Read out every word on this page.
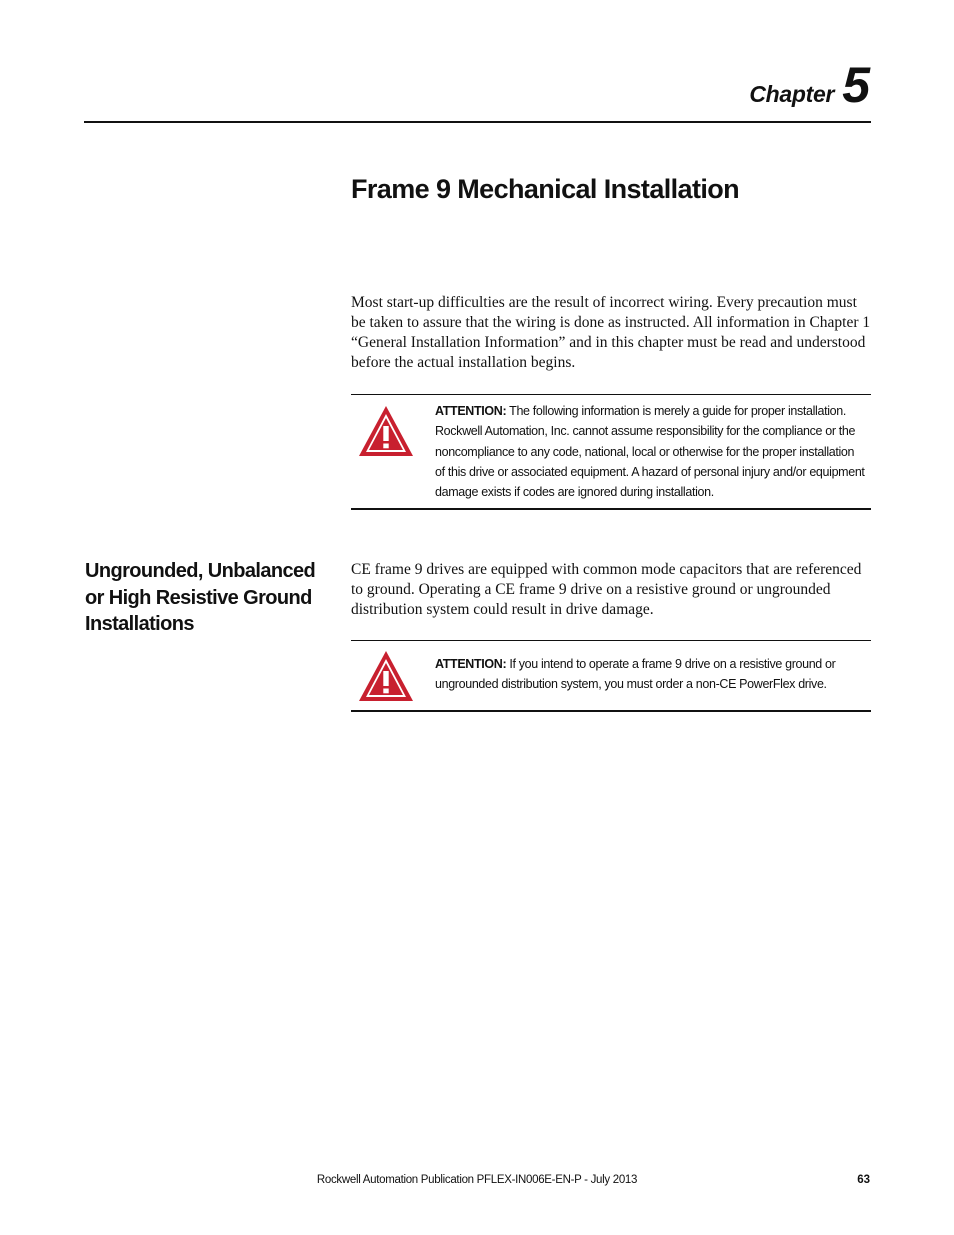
Chapter 5
Frame 9 Mechanical Installation

Most start-up difficulties are the result of incorrect wiring. Every precaution must be taken to assure that the wiring is done as instructed. All information in Chapter 1 “General Installation Information” and in this chapter must be read and understood before the actual installation begins.

ATTENTION: The following information is merely a guide for proper installation. Rockwell Automation, Inc. cannot assume responsibility for the compliance or the noncompliance to any code, national, local or otherwise for the proper installation of this drive or associated equipment. A hazard of personal injury and/or equipment damage exists if codes are ignored during installation.

Ungrounded, Unbalanced or High Resistive Ground Installations

CE frame 9 drives are equipped with common mode capacitors that are referenced to ground. Operating a CE frame 9 drive on a resistive ground or ungrounded distribution system could result in drive damage.

ATTENTION: If you intend to operate a frame 9 drive on a resistive ground or ungrounded distribution system, you must order a non-CE PowerFlex drive.

Rockwell Automation Publication PFLEX-IN006E-EN-P - July 2013	63
